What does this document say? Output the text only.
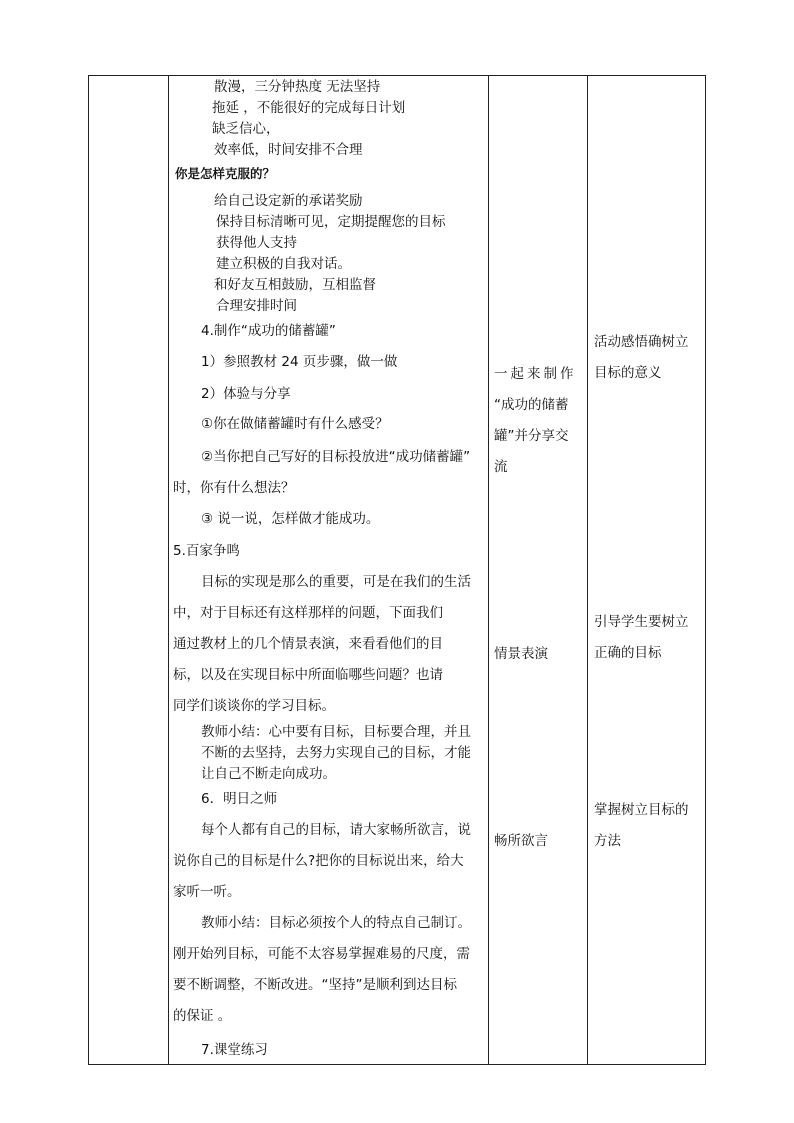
散漫，三分钟热度 无法坚持
拖延 ，不能很好的完成每日计划
缺乏信心，
效率低，时间安排不合理
你是怎样克服的？
给自己设定新的承诺奖励
保持目标清晰可见，定期提醒您的目标
获得他人支持
建立积极的自我对话。
和好友互相鼓励，互相监督
合理安排时间
4.制作“成功的储蓄罐”
1）参照教材 24 页步骤，做一做
2）体验与分享
①你在做储蓄罐时有什么感受？
②当你把自己写好的目标投放进“成功储蓄罐”
时，你有什么想法？
③ 说一说，怎样做才能成功。
5.百家争鸣
目标的实现是那么的重要，可是在我们的生活
中，对于目标还有这样那样的问题，下面我们
通过教材上的几个情景表演，来看看他们的目
标，以及在实现目标中所面临哪些问题？也请
同学们谈谈你的学习目标。
教师小结：心中要有目标，目标要合理，并且
不断的去坚持，去努力实现自己的目标，才能
让自己不断走向成功。
6．明日之师
每个人都有自己的目标，请大家畅所欲言，说
说你自己的目标是什么?把你的目标说出来，给大
家听一听。
教师小结：目标必须按个人的特点自己制订。
刚开始列目标，可能不太容易掌握难易的尺度，需
要不断调整，不断改进。“坚持”是顺利到达目标
的保证 。
7.课堂练习
一起来制作
“成功的储蓄
罐”并分享交
流
情景表演
畅所欲言
活动感悟确树立
目标的意义
引导学生要树立
正确的目标
掌握树立目标的
方法
